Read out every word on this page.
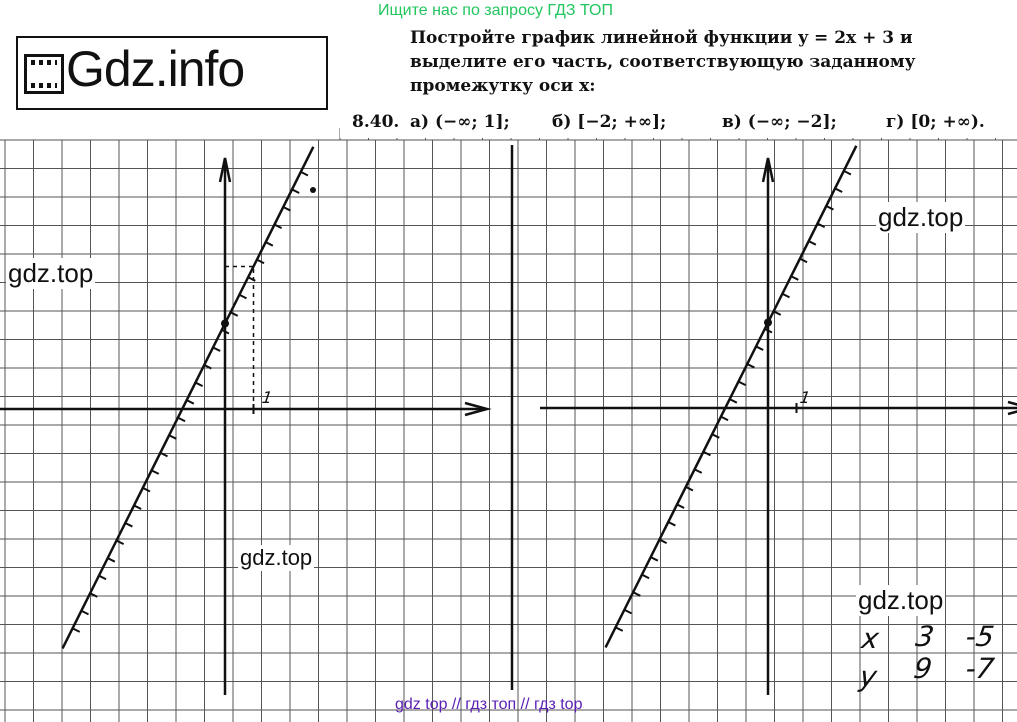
Ищите нас по запросу ГДЗ ТОП
Gdz.info
Постройте график линейной функции y = 2x + 3 и выделите его часть, соответствующую заданному промежутку оси x:
8.40. а) (−∞; 1]; б) [−2; +∞];	в) (−∞; −2];	г) [0; +∞).
gdz.top
gdz.top
gdz.top
gdz.top
1	1
x 3 -5
y 9 -7
gdz top // гдз топ // гдз top
